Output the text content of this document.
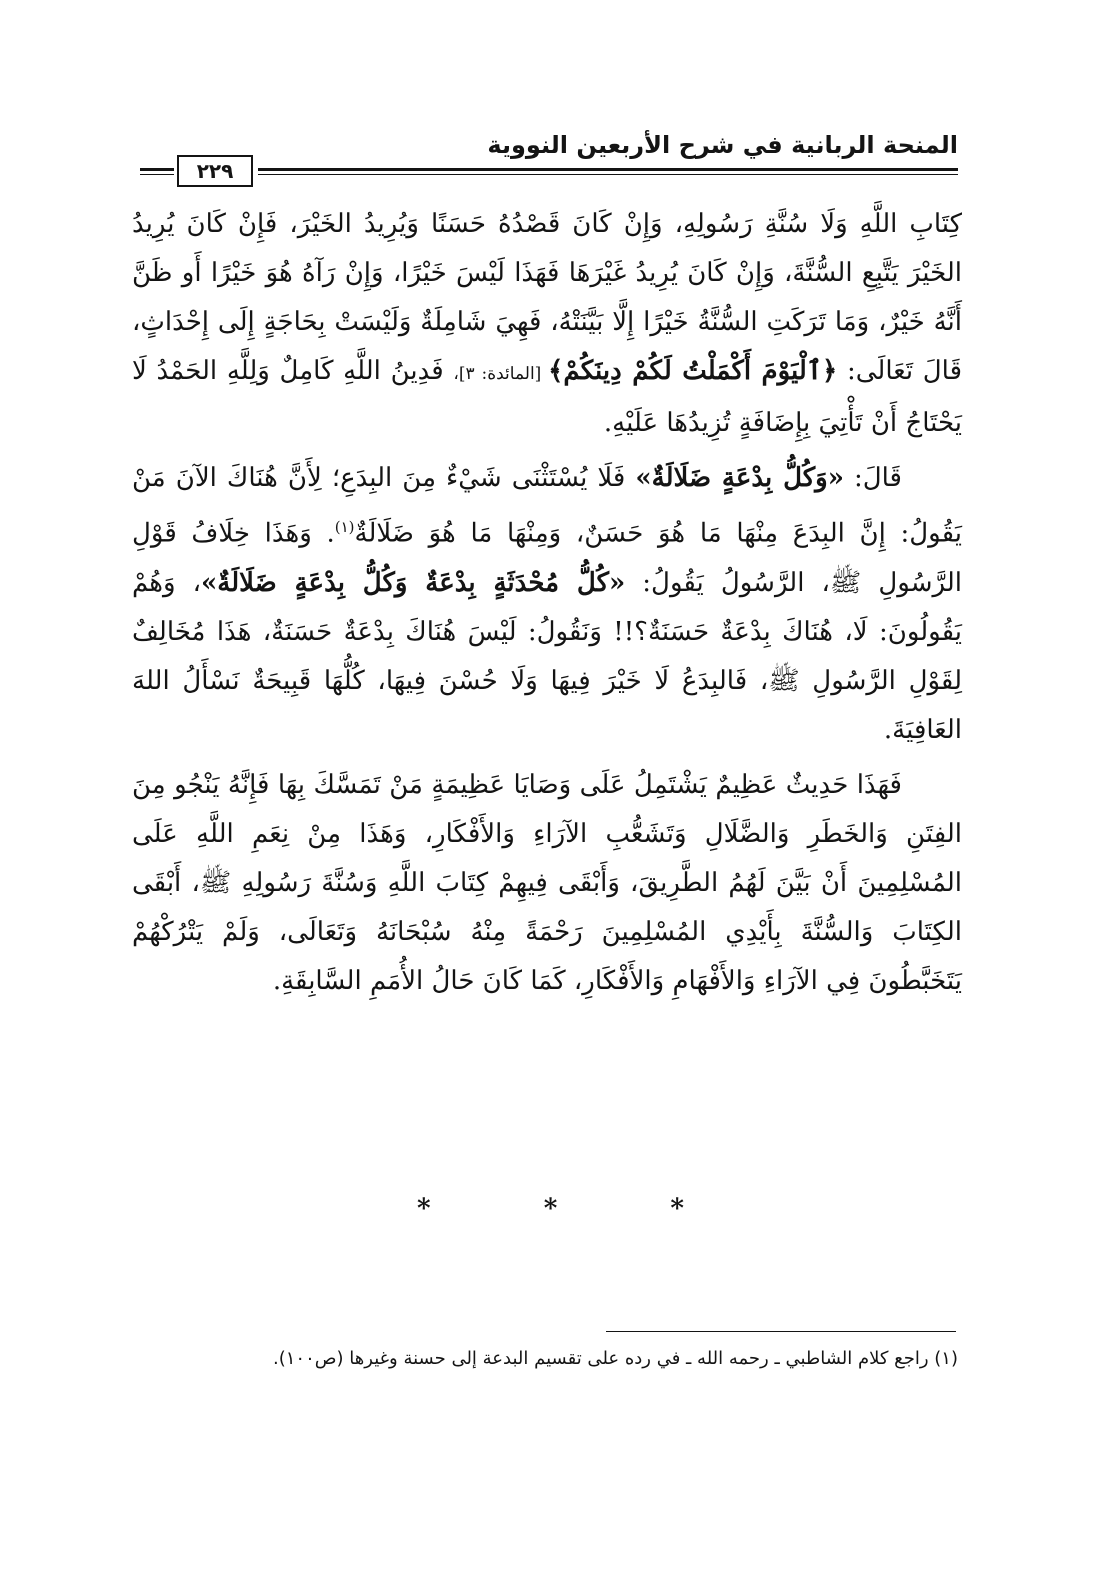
المنحة الربانية في شرح الأربعين النووية
٢٢٩

كِتَابِ اللَّهِ وَلَا سُنَّةِ رَسُولِهِ، وَإِنْ كَانَ قَصْدُهُ حَسَنًا وَيُرِيدُ الخَيْرَ، فَإِنْ كَانَ يُرِيدُ الخَيْرَ يَتَّبِعِ السُّنَّةَ، وَإِنْ كَانَ يُرِيدُ غَيْرَهَا فَهَذَا لَيْسَ خَيْرًا، وَإِنْ رَآهُ هُوَ خَيْرًا أَو ظَنَّ أَنَّهُ خَيْرٌ، وَمَا تَرَكَتِ السُّنَّةُ خَيْرًا إِلَّا بَيَّنَتْهُ، فَهِيَ شَامِلَةٌ وَلَيْسَتْ بِحَاجَةٍ إِلَى إِحْدَاثٍ، قَالَ تَعَالَى: ﴿ٱلْيَوْمَ أَكْمَلْتُ لَكُمْ دِينَكُمْ﴾ [المائدة: ٣]، فَدِينُ اللَّهِ كَامِلٌ وَلِلَّهِ الحَمْدُ لَا يَحْتَاجُ أَنْ تَأْتِيَ بِإِضَافَةٍ تُزِيدُهَا عَلَيْهِ.

قَالَ: «وَكُلُّ بِدْعَةٍ ضَلَالَةٌ» فَلَا يُسْتَثْنَى شَيْءٌ مِنَ البِدَعِ؛ لِأَنَّ هُنَاكَ الآنَ مَنْ يَقُولُ: إِنَّ البِدَعَ مِنْهَا مَا هُوَ حَسَنٌ، وَمِنْهَا مَا هُوَ ضَلَالَةٌ$^{(١)}$. وَهَذَا خِلَافُ قَوْلِ الرَّسُولِ ﷺ، الرَّسُولُ يَقُولُ: «كُلُّ مُحْدَثَةٍ بِدْعَةٌ وَكُلُّ بِدْعَةٍ ضَلَالَةٌ»، وَهُمْ يَقُولُونَ: لَا، هُنَاكَ بِدْعَةٌ حَسَنَةٌ؟!! وَنَقُولُ: لَيْسَ هُنَاكَ بِدْعَةٌ حَسَنَةٌ، هَذَا مُخَالِفٌ لِقَوْلِ الرَّسُولِ ﷺ، فَالبِدَعُ لَا خَيْرَ فِيهَا وَلَا حُسْنَ فِيهَا، كُلُّهَا قَبِيحَةٌ نَسْأَلُ اللهَ العَافِيَةَ.

فَهَذَا حَدِيثٌ عَظِيمٌ يَشْتَمِلُ عَلَى وَصَايَا عَظِيمَةٍ مَنْ تَمَسَّكَ بِهَا فَإِنَّهُ يَنْجُو مِنَ الفِتَنِ وَالخَطَرِ وَالضَّلَالِ وَتَشَعُّبِ الآرَاءِ وَالأَفْكَارِ، وَهَذَا مِنْ نِعَمِ اللَّهِ عَلَى المُسْلِمِينَ أَنْ بَيَّنَ لَهُمُ الطَّرِيقَ، وَأَبْقَى فِيهِمْ كِتَابَ اللَّهِ وَسُنَّةَ رَسُولِهِ ﷺ، أَبْقَى الكِتَابَ وَالسُّنَّةَ بِأَيْدِي المُسْلِمِينَ رَحْمَةً مِنْهُ سُبْحَانَهُ وَتَعَالَى، وَلَمْ يَتْرُكْهُمْ يَتَخَبَّطُونَ فِي الآرَاءِ وَالأَفْهَامِ وَالأَفْكَارِ، كَمَا كَانَ حَالُ الأُمَمِ السَّابِقَةِ.

* * *
(١) راجع كلام الشاطبي ـ رحمه الله ـ في رده على تقسيم البدعة إلى حسنة وغيرها (ص١٠٠).
